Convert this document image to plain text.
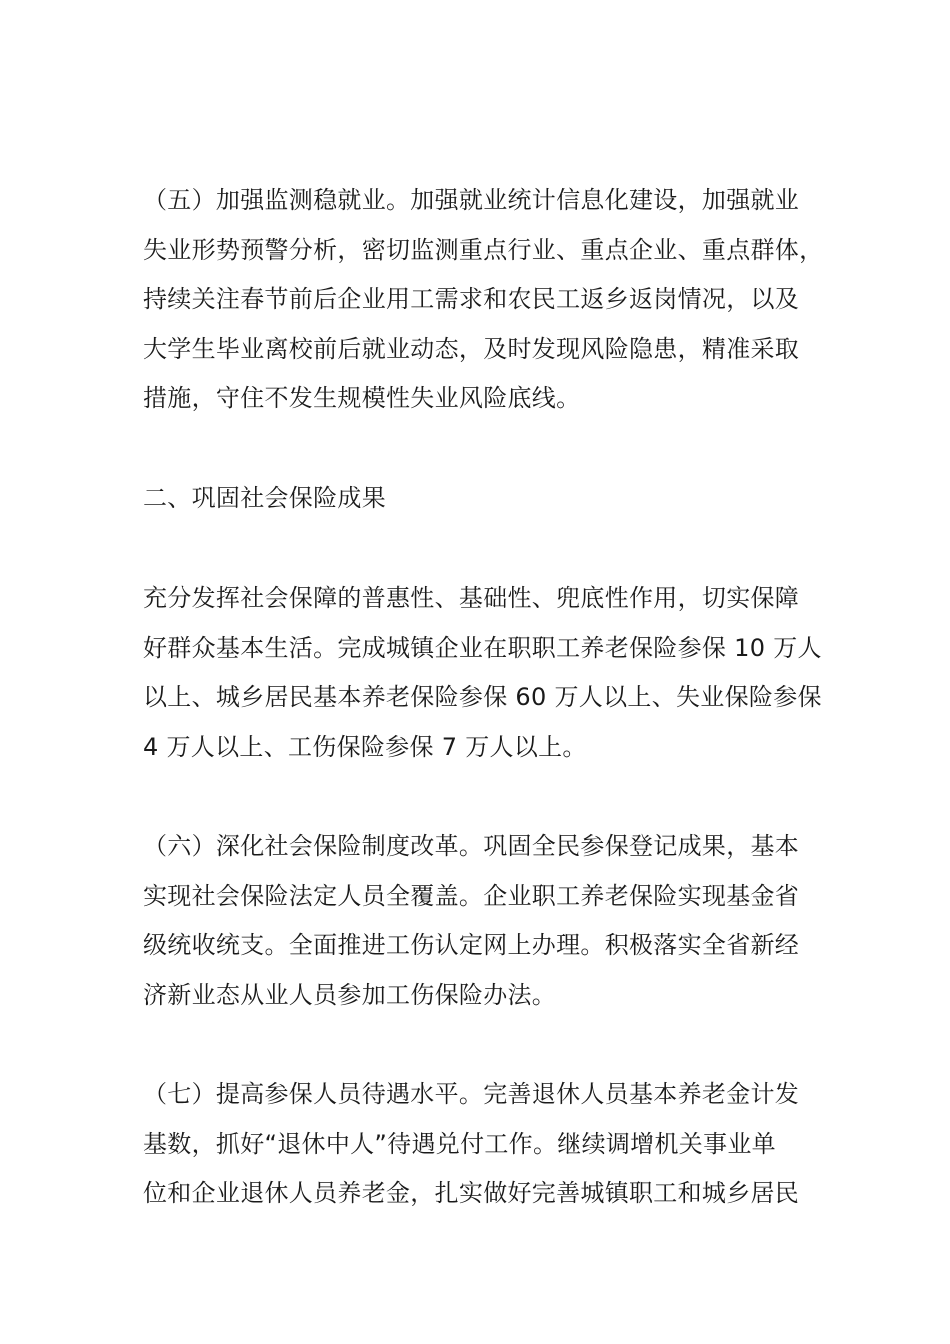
（五）加强监测稳就业。加强就业统计信息化建设，加强就业
失业形势预警分析，密切监测重点行业、重点企业、重点群体，
持续关注春节前后企业用工需求和农民工返乡返岗情况，以及
大学生毕业离校前后就业动态，及时发现风险隐患，精准采取
措施，守住不发生规模性失业风险底线。

二、巩固社会保险成果

充分发挥社会保障的普惠性、基础性、兜底性作用，切实保障
好群众基本生活。完成城镇企业在职职工养老保险参保 10 万人
以上、城乡居民基本养老保险参保 60 万人以上、失业保险参保
4 万人以上、工伤保险参保 7 万人以上。

（六）深化社会保险制度改革。巩固全民参保登记成果，基本
实现社会保险法定人员全覆盖。企业职工养老保险实现基金省
级统收统支。全面推进工伤认定网上办理。积极落实全省新经
济新业态从业人员参加工伤保险办法。

（七）提高参保人员待遇水平。完善退休人员基本养老金计发
基数，抓好“退休中人”待遇兑付工作。继续调增机关事业单
位和企业退休人员养老金，扎实做好完善城镇职工和城乡居民
